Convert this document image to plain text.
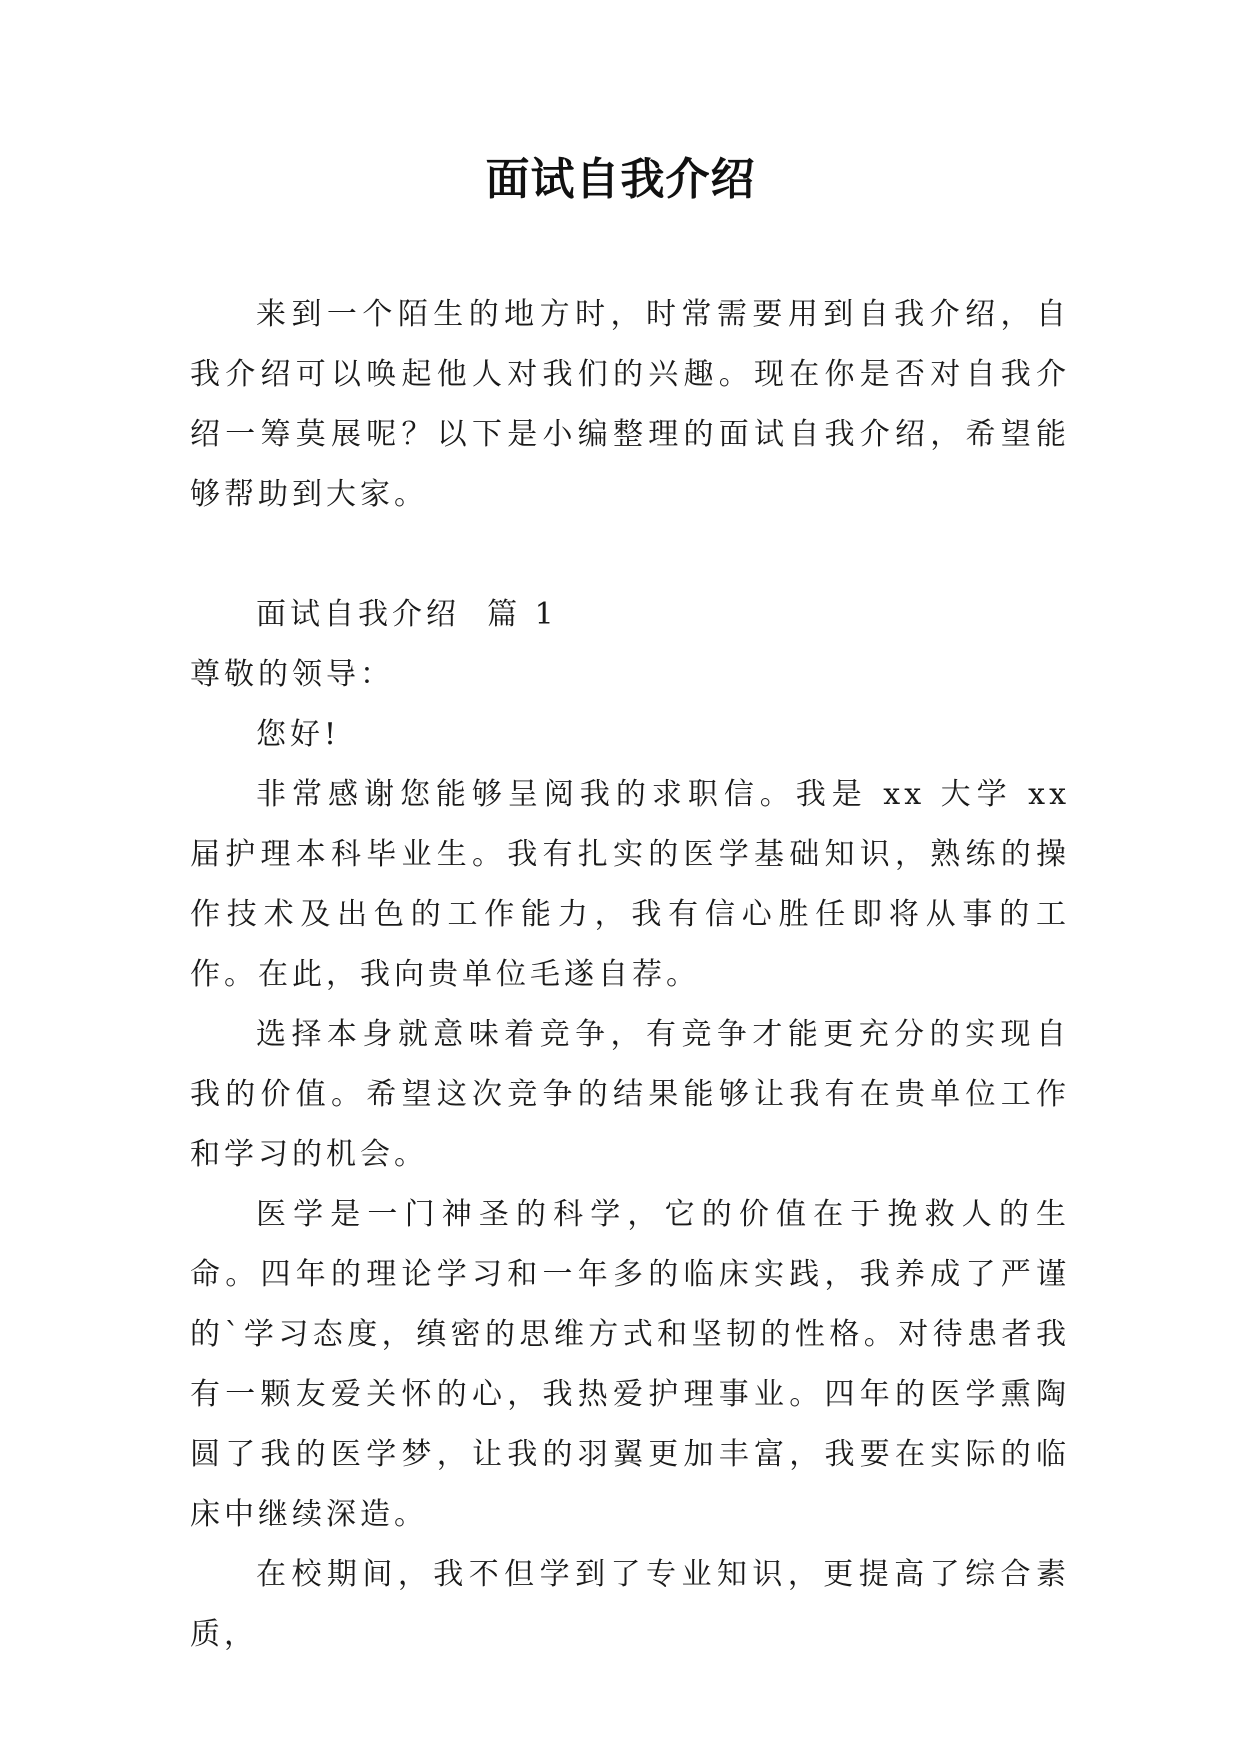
面试自我介绍

来到一个陌生的地方时，时常需要用到自我介绍，自我介绍可以唤起他人对我们的兴趣。现在你是否对自我介绍一筹莫展呢？以下是小编整理的面试自我介绍，希望能够帮助到大家。

面试自我介绍  篇 1

尊敬的领导：

您好!

非常感谢您能够呈阅我的求职信。我是 xx 大学 xx 届护理本科毕业生。我有扎实的医学基础知识，熟练的操作技术及出色的工作能力，我有信心胜任即将从事的工作。在此，我向贵单位毛遂自荐。

选择本身就意味着竞争，有竞争才能更充分的实现自我的价值。希望这次竞争的结果能够让我有在贵单位工作和学习的机会。

医学是一门神圣的科学，它的价值在于挽救人的生命。四年的理论学习和一年多的临床实践，我养成了严谨的`学习态度，缜密的思维方式和坚韧的性格。对待患者我有一颗友爱关怀的心，我热爱护理事业。四年的医学熏陶圆了我的医学梦，让我的羽翼更加丰富，我要在实际的临床中继续深造。

在校期间，我不但学到了专业知识，更提高了综合素质，
